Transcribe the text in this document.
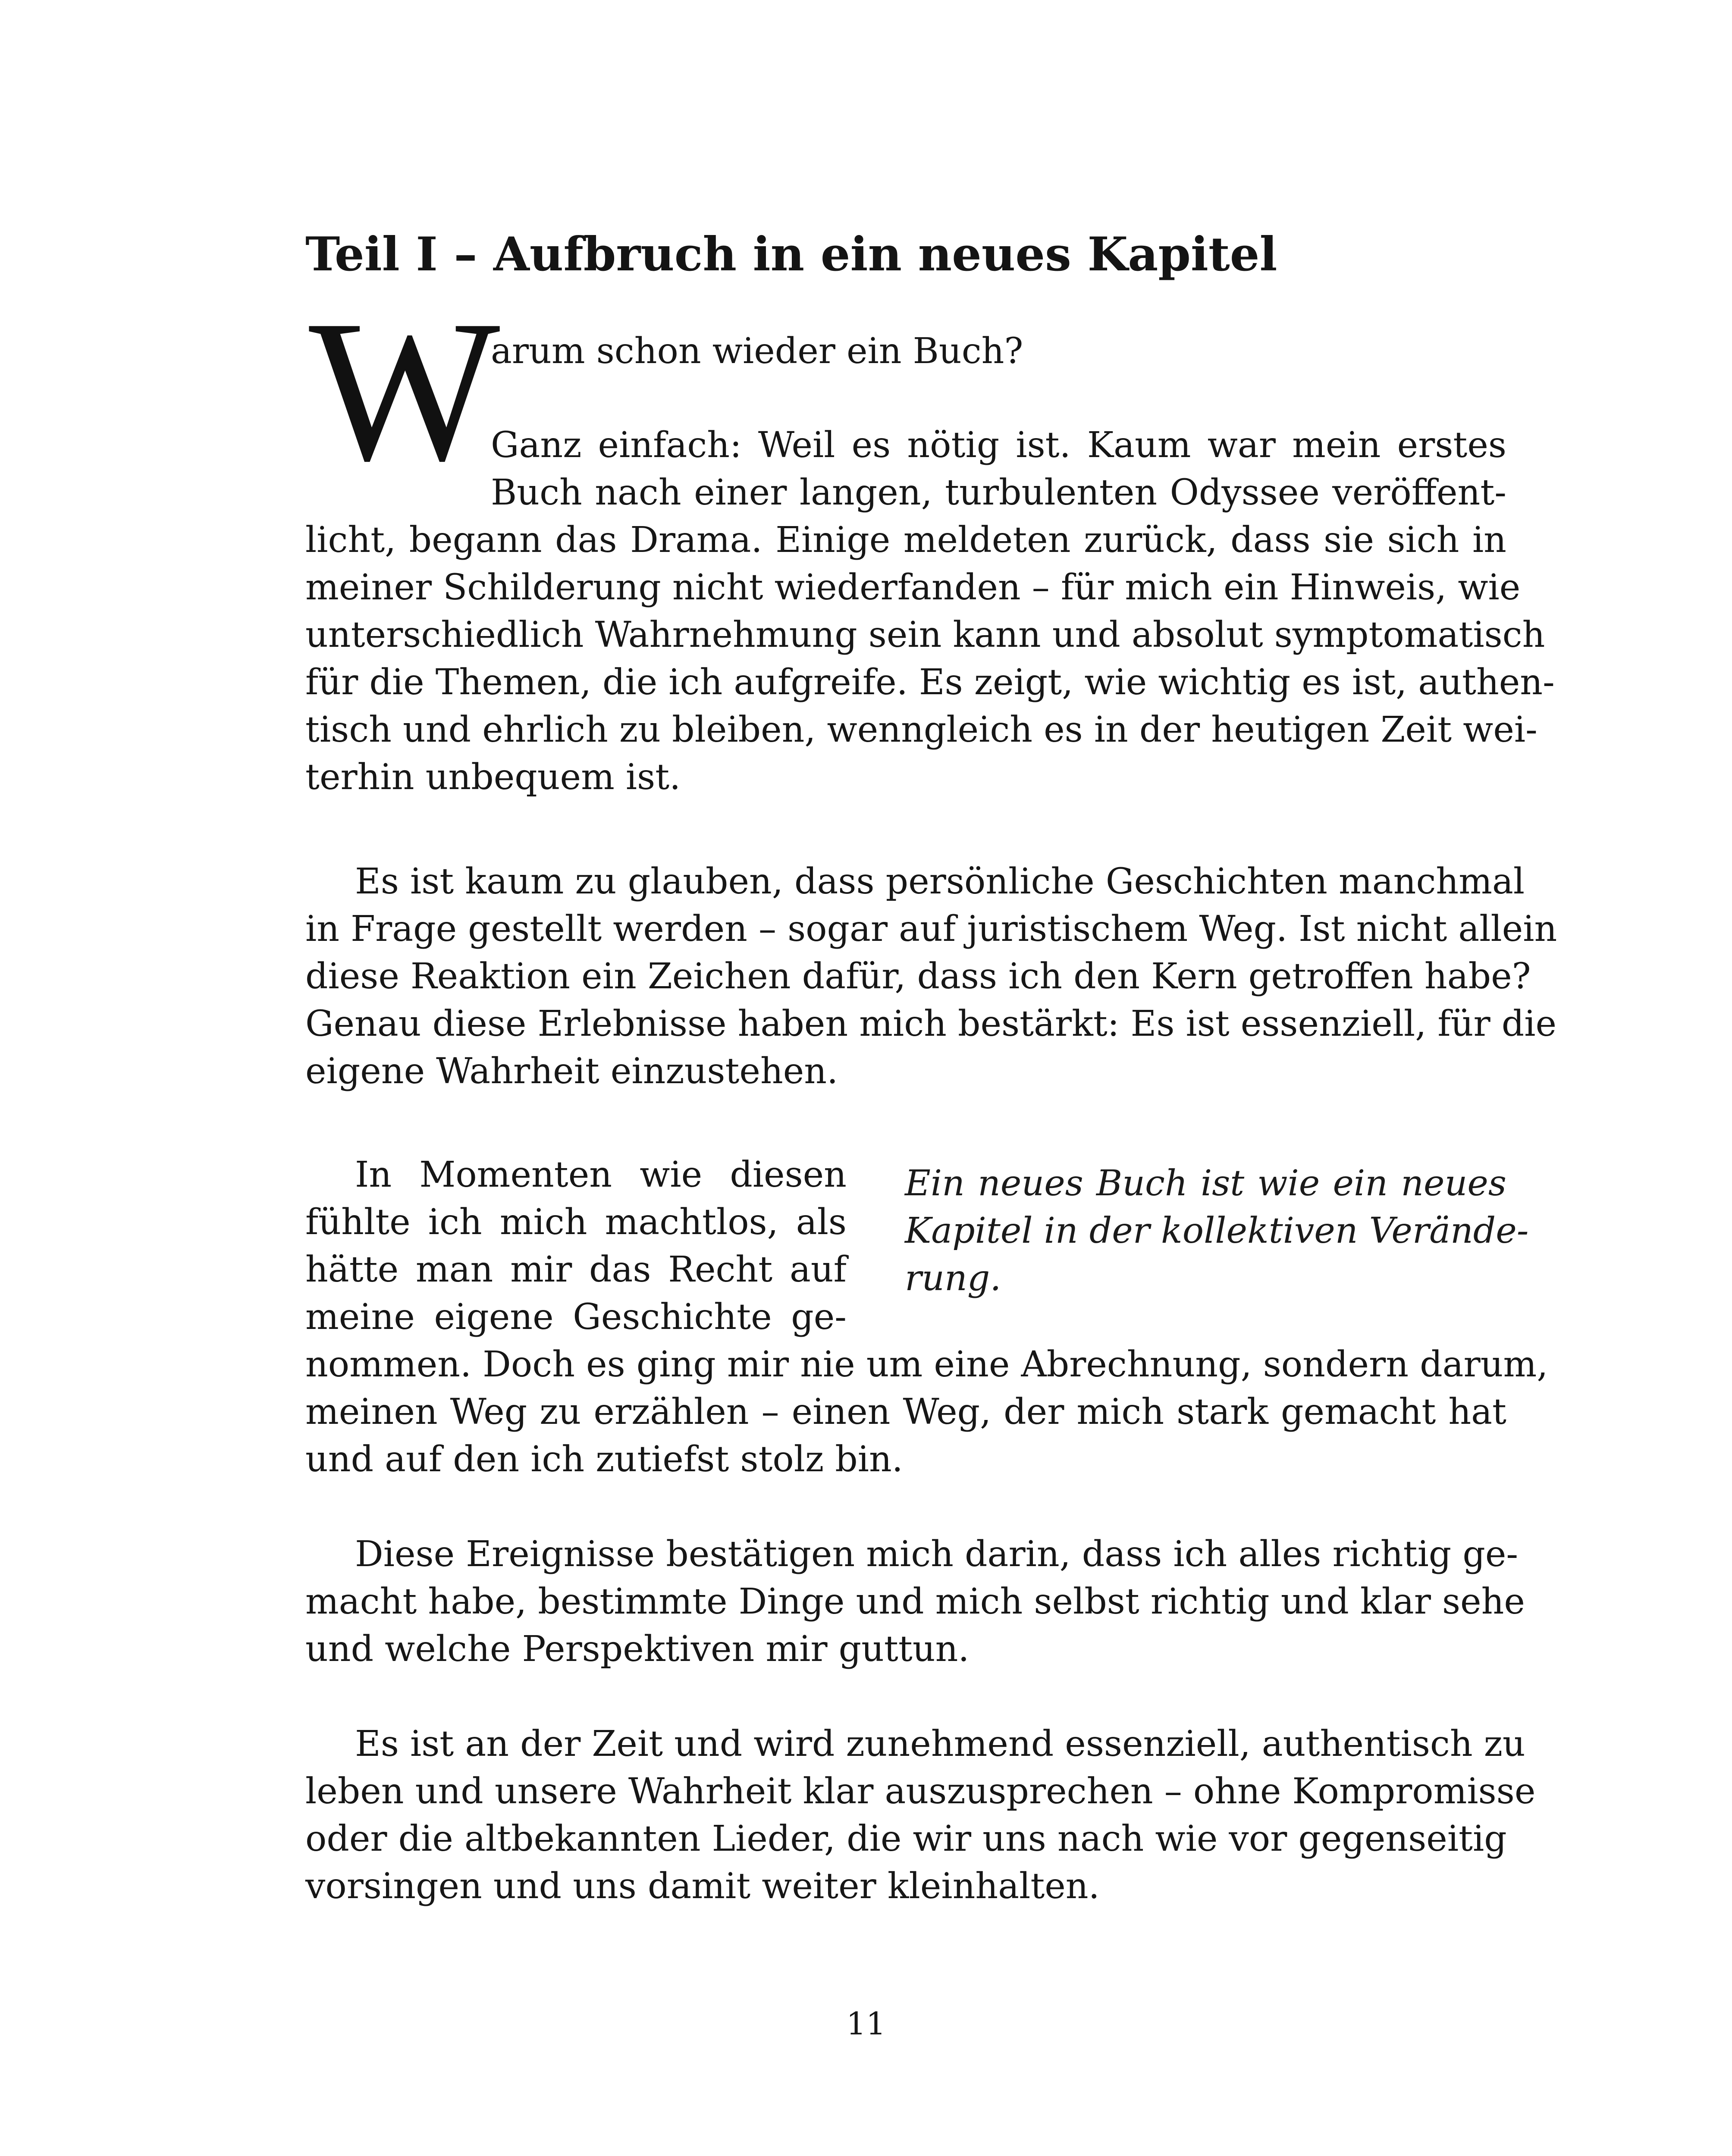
Teil I – Aufbruch in ein neues Kapitel
W
arum schon wieder ein Buch?
Ganz einfach: Weil es nötig ist. Kaum war mein erstes
Buch nach einer langen, turbulenten Odyssee veröffent-
licht, begann das Drama. Einige meldeten zurück, dass sie sich in
meiner Schilderung nicht wiederfanden – für mich ein Hinweis, wie
unterschiedlich Wahrnehmung sein kann und absolut symptomatisch
für die Themen, die ich aufgreife. Es zeigt, wie wichtig es ist, authen-
tisch und ehrlich zu bleiben, wenngleich es in der heutigen Zeit wei-
terhin unbequem ist.
Es ist kaum zu glauben, dass persönliche Geschichten manchmal
in Frage gestellt werden – sogar auf juristischem Weg. Ist nicht allein
diese Reaktion ein Zeichen dafür, dass ich den Kern getroffen habe?
Genau diese Erlebnisse haben mich bestärkt: Es ist essenziell, für die
eigene Wahrheit einzustehen.
In Momenten wie diesen
fühlte ich mich machtlos, als
hätte man mir das Recht auf
meine eigene Geschichte ge-
nommen. Doch es ging mir nie um eine Abrechnung, sondern darum,
meinen Weg zu erzählen – einen Weg, der mich stark gemacht hat
und auf den ich zutiefst stolz bin.
Ein neues Buch ist wie ein neues
Kapitel in der kollektiven Verände-
rung.
Diese Ereignisse bestätigen mich darin, dass ich alles richtig ge-
macht habe, bestimmte Dinge und mich selbst richtig und klar sehe
und welche Perspektiven mir guttun.
Es ist an der Zeit und wird zunehmend essenziell, authentisch zu
leben und unsere Wahrheit klar auszusprechen – ohne Kompromisse
oder die altbekannten Lieder, die wir uns nach wie vor gegenseitig
vorsingen und uns damit weiter kleinhalten.
11
